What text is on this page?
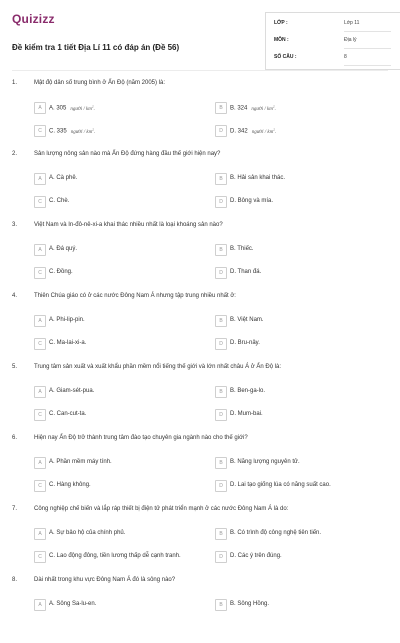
Quizizz
Đề kiểm tra 1 tiết Địa Lí 11 có đáp án (Đề 56)
LỚP :	Lớp 11
MÔN :	Địa lý
SỐ CÂU :	8
1.	Mật độ dân số trung bình ở Ấn Độ (năm 2005) là:
A	A. 305 người / $km^2$.	B	B. 324 người / $km^2$.
C	C. 335 người / $km^2$.	D	D. 342 người / $km^2$.
2.	Sản lượng nông sản nào mà Ấn Độ đứng hàng đầu thế giới hiện nay?
A	A. Cà phê.	B	B. Hải sản khai thác.
C	C. Chè.	D	D. Bông và mía.
3.	Việt Nam và In-đô-nê-xi-a khai thác nhiều nhất là loại khoáng sản nào?
A	A. Đá quý.	B	B. Thiếc.
C	C. Đồng.	D	D. Than đá.
4.	Thiên Chúa giáo có ở các nước Đông Nam Á nhưng tập trung nhiều nhất ở:
A	A. Phi-lip-pin.	B	B. Việt Nam.
C	C. Ma-lai-xi-a.	D	D. Bru-nây.
5.	Trung tâm sản xuất và xuất khẩu phần mềm nổi tiếng thế giới và lớn nhất châu Á ở Ấn Độ là:
A	A. Giam-sét-pua.	B	B. Ben-ga-lo.
C	C. Can-cut-ta.	D	D. Mum-bai.
6.	Hiện nay Ấn Độ trở thành trung tâm đào tạo chuyên gia ngành nào cho thế giới?
A	A. Phần mềm máy tính.	B	B. Năng lượng nguyên tử.
C	C. Hàng không.	D	D. Lai tạo giống lúa có năng suất cao.
7.	Công nghiệp chế biến và lắp ráp thiết bị điện tử phát triển mạnh ở các nước Đông Nam Á là do:
A	A. Sự bảo hộ của chính phủ.	B	B. Có trình độ công nghệ tiên tiến.
C	C. Lao động đông, tiền lương thấp dễ cạnh tranh.	D	D. Các ý trên đúng.
8.	Dài nhất trong khu vực Đông Nam Á đó là sông nào?
A	A. Sông Sa-lu-en.	B	B. Sông Hồng.
